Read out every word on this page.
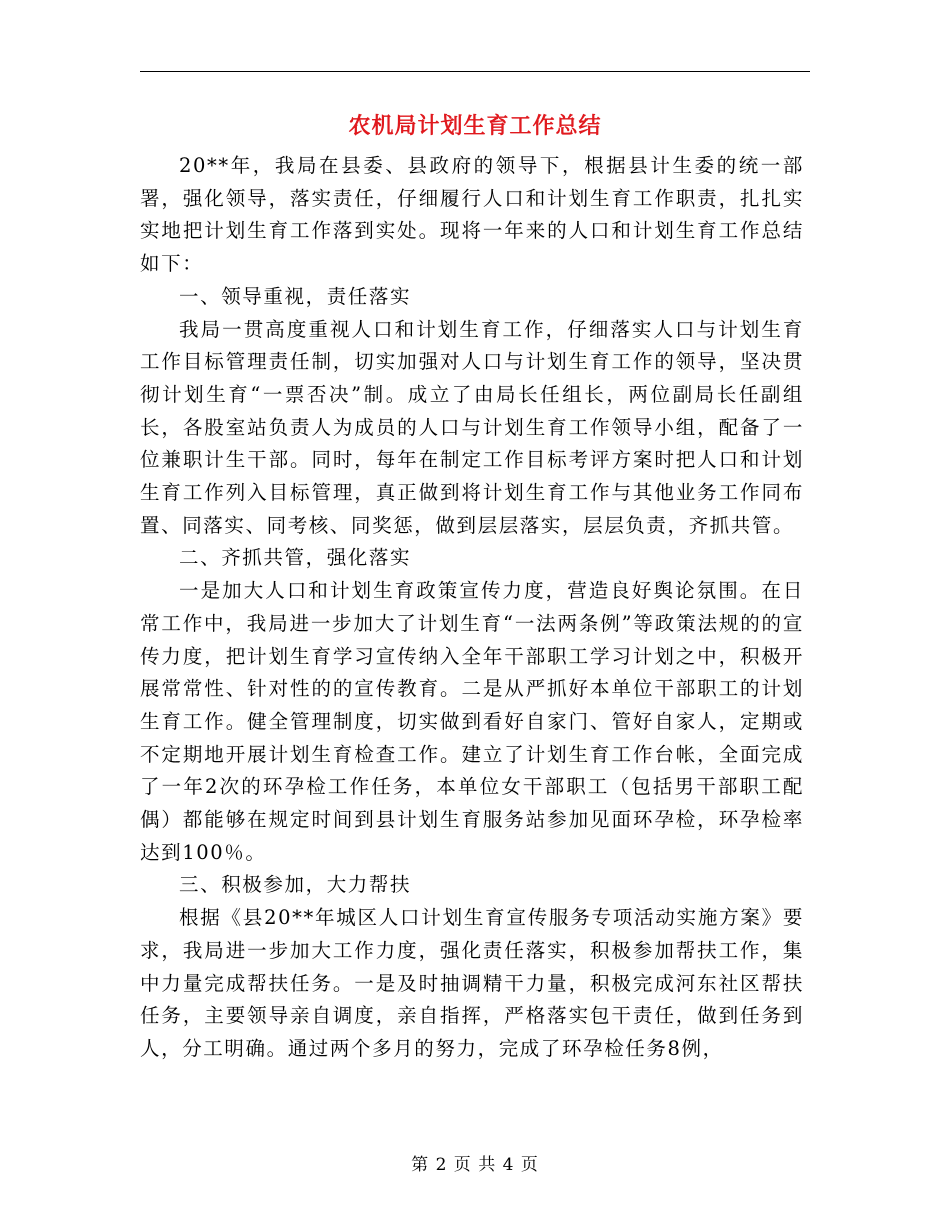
农机局计划生育工作总结

20**年，我局在县委、县政府的领导下，根据县计生委的统一部署，强化领导，落实责任，仔细履行人口和计划生育工作职责，扎扎实实地把计划生育工作落到实处。现将一年来的人口和计划生育工作总结如下：

一、领导重视，责任落实

我局一贯高度重视人口和计划生育工作，仔细落实人口与计划生育工作目标管理责任制，切实加强对人口与计划生育工作的领导，坚决贯彻计划生育“一票否决”制。成立了由局长任组长，两位副局长任副组长，各股室站负责人为成员的人口与计划生育工作领导小组，配备了一位兼职计生干部。同时，每年在制定工作目标考评方案时把人口和计划生育工作列入目标管理，真正做到将计划生育工作与其他业务工作同布置、同落实、同考核、同奖惩，做到层层落实，层层负责，齐抓共管。

二、齐抓共管，强化落实

一是加大人口和计划生育政策宣传力度，营造良好舆论氛围。在日常工作中，我局进一步加大了计划生育“一法两条例”等政策法规的的宣传力度，把计划生育学习宣传纳入全年干部职工学习计划之中，积极开展常常性、针对性的的宣传教育。二是从严抓好本单位干部职工的计划生育工作。健全管理制度，切实做到看好自家门、管好自家人，定期或不定期地开展计划生育检查工作。建立了计划生育工作台帐，全面完成了一年2次的环孕检工作任务，本单位女干部职工（包括男干部职工配偶）都能够在规定时间到县计划生育服务站参加见面环孕检，环孕检率达到100％。

三、积极参加，大力帮扶

根据《县20**年城区人口计划生育宣传服务专项活动实施方案》要求，我局进一步加大工作力度，强化责任落实，积极参加帮扶工作，集中力量完成帮扶任务。一是及时抽调精干力量，积极完成河东社区帮扶任务，主要领导亲自调度，亲自指挥，严格落实包干责任，做到任务到人，分工明确。通过两个多月的努力，完成了环孕检任务8例，

第 2 页 共 4 页
